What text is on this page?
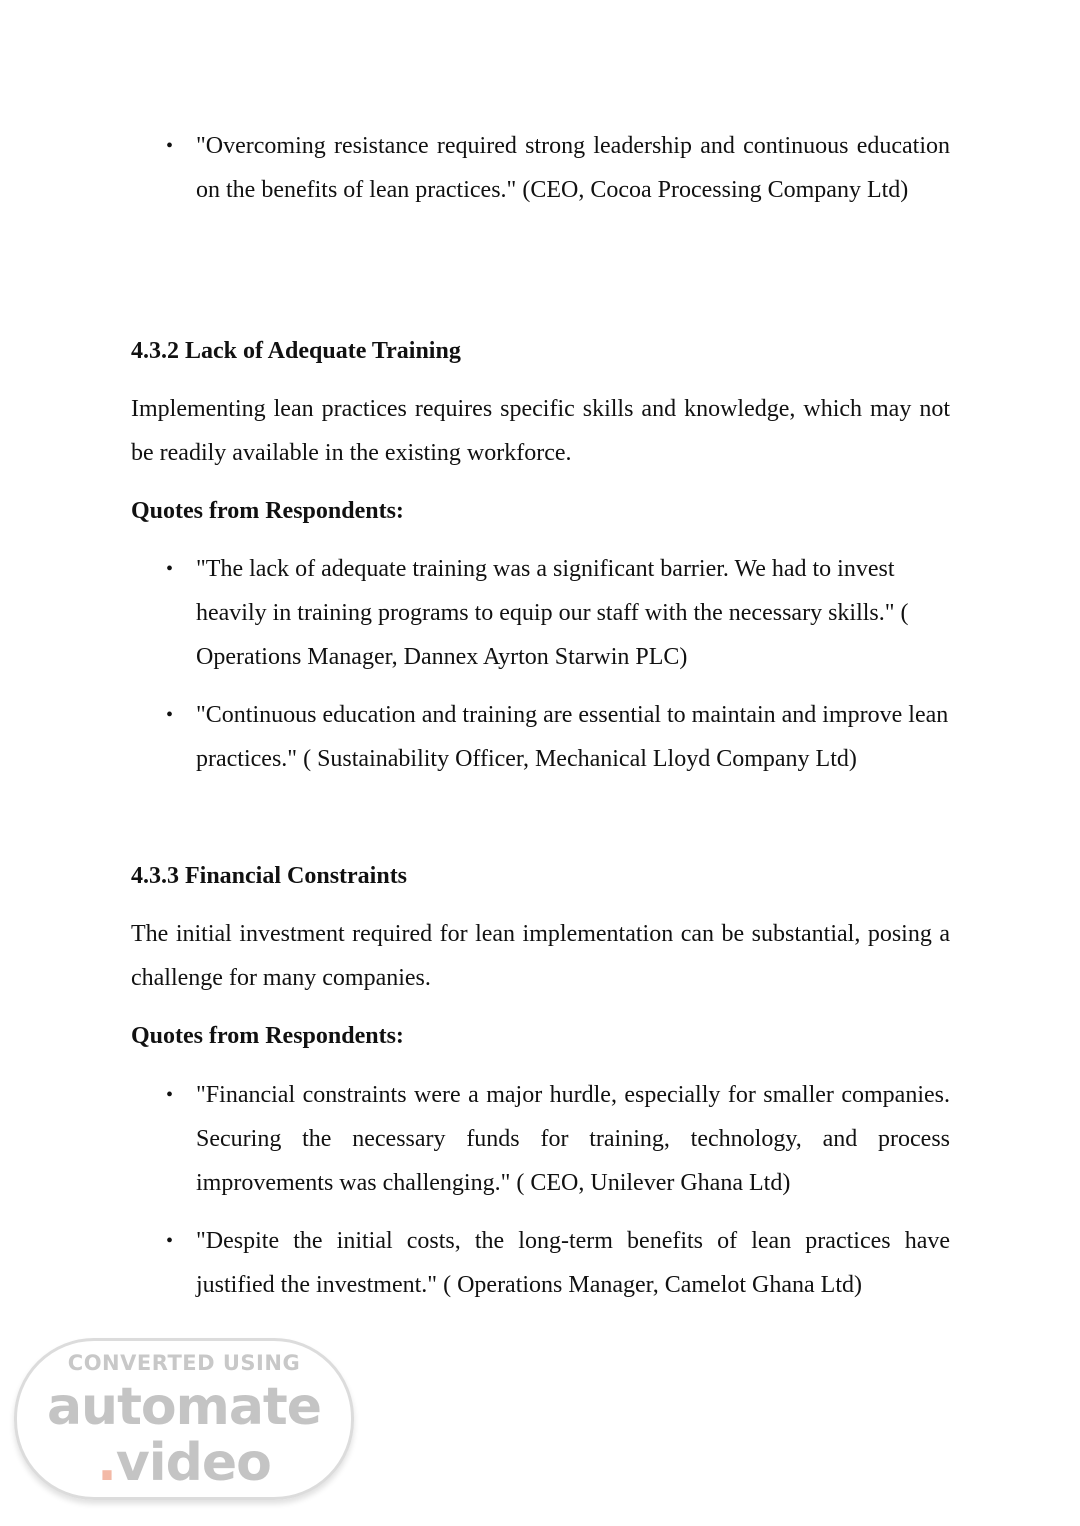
• "Overcoming resistance required strong leadership and continuous education on the benefits of lean practices." (CEO, Cocoa Processing Company Ltd)
4.3.2 Lack of Adequate Training
Implementing lean practices requires specific skills and knowledge, which may not be readily available in the existing workforce.
Quotes from Respondents:
• "The lack of adequate training was a significant barrier. We had to invest heavily in training programs to equip our staff with the necessary skills." ( Operations Manager, Dannex Ayrton Starwin PLC)
• "Continuous education and training are essential to maintain and improve lean practices." ( Sustainability Officer, Mechanical Lloyd Company Ltd)
4.3.3 Financial Constraints
The initial investment required for lean implementation can be substantial, posing a challenge for many companies.
Quotes from Respondents:
• "Financial constraints were a major hurdle, especially for smaller companies. Securing the necessary funds for training, technology, and process improvements was challenging." ( CEO, Unilever Ghana Ltd)
• "Despite the initial costs, the long-term benefits of lean practices have justified the investment." ( Operations Manager, Camelot Ghana Ltd)
CONVERTED USING
automate
.video
